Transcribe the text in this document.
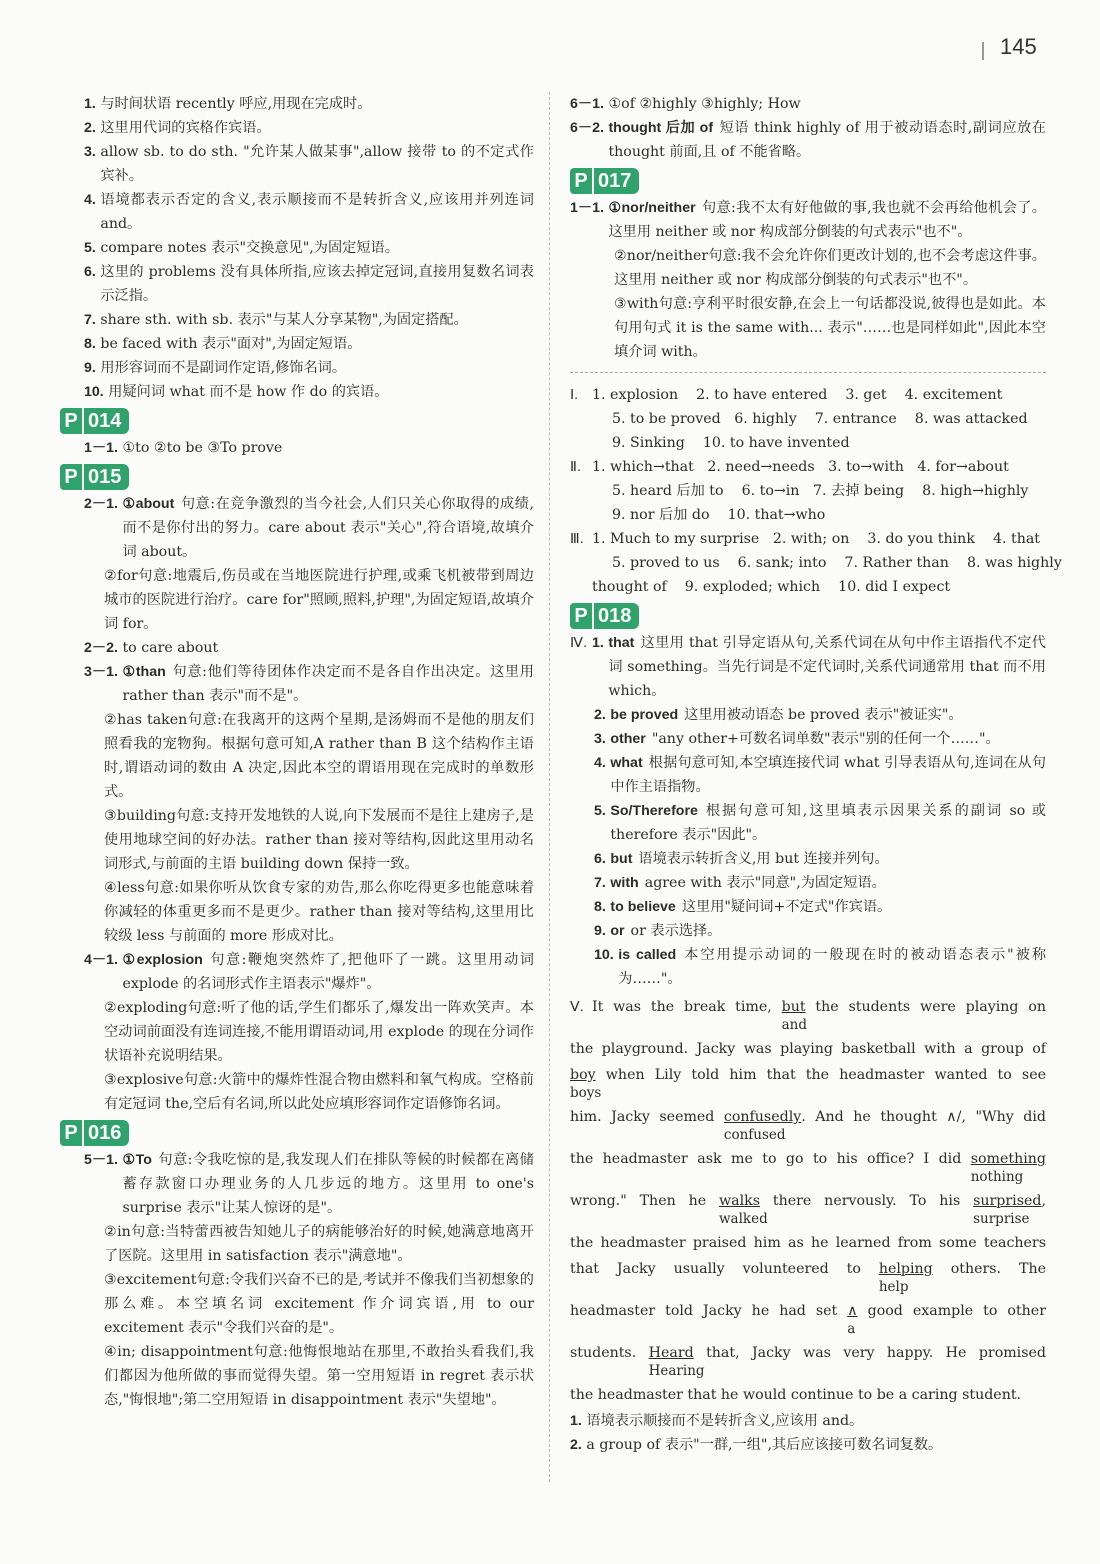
145
1.
与时间状语 recently 呼应,用现在完成时。
2.
这里用代词的宾格作宾语。
3.
allow sb. to do sth. "允许某人做某事",allow 接带 to 的不定式作宾补。
4.
语境都表示否定的含义,表示顺接而不是转折含义,应该用并列连词 and。
5.
compare notes 表示"交换意见",为固定短语。
6.
这里的 problems 没有具体所指,应该去掉定冠词,直接用复数名词表示泛指。
7.
share sth. with sb. 表示"与某人分享某物",为固定搭配。
8.
be faced with 表示"面对",为固定短语。
9.
用形容词而不是副词作定语,修饰名词。
10.
用疑问词 what 而不是 how 作 do 的宾语。
P 014
1－1.
①to ②to be ③To prove
P 015
2－1.
①about 句意:在竞争激烈的当今社会,人们只关心你取得的成绩,而不是你付出的努力。care about 表示"关心",符合语境,故填介词 about。
②for句意:地震后,伤员或在当地医院进行护理,或乘飞机被带到周边城市的医院进行治疗。care for"照顾,照料,护理",为固定短语,故填介词 for。
2－2.
to care about
3－1.
①than 句意:他们等待团体作决定而不是各自作出决定。这里用 rather than 表示"而不是"。
②has taken句意:在我离开的这两个星期,是汤姆而不是他的朋友们照看我的宠物狗。根据句意可知,A rather than B 这个结构作主语时,谓语动词的数由 A 决定,因此本空的谓语用现在完成时的单数形式。
③building句意:支持开发地铁的人说,向下发展而不是往上建房子,是使用地球空间的好办法。rather than 接对等结构,因此这里用动名词形式,与前面的主语 building down 保持一致。
④less句意:如果你听从饮食专家的劝告,那么你吃得更多也能意味着你减轻的体重更多而不是更少。rather than 接对等结构,这里用比较级 less 与前面的 more 形成对比。
4－1.
①explosion 句意:鞭炮突然炸了,把他吓了一跳。这里用动词 explode 的名词形式作主语表示"爆炸"。
②exploding句意:听了他的话,学生们都乐了,爆发出一阵欢笑声。本空动词前面没有连词连接,不能用谓语动词,用 explode 的现在分词作状语补充说明结果。
③explosive句意:火箭中的爆炸性混合物由燃料和氧气构成。空格前有定冠词 the,空后有名词,所以此处应填形容词作定语修饰名词。
P 016
5－1.
①To 句意:令我吃惊的是,我发现人们在排队等候的时候都在离储蓄存款窗口办理业务的人几步远的地方。这里用 to one's surprise 表示"让某人惊讶的是"。
②in句意:当特蕾西被告知她儿子的病能够治好的时候,她满意地离开了医院。这里用 in satisfaction 表示"满意地"。
③excitement句意:令我们兴奋不已的是,考试并不像我们当初想象的那么难。本空填名词 excitement 作介词宾语,用 to our excitement 表示"令我们兴奋的是"。
④in; disappointment句意:他悔恨地站在那里,不敢抬头看我们,我们都因为他所做的事而觉得失望。第一空用短语 in regret 表示状态,"悔恨地";第二空用短语 in disappointment 表示"失望地"。
6－1.
①of ②highly ③highly; How
6－2.
thought 后加 of 短语 think highly of 用于被动语态时,副词应放在 thought 前面,且 of 不能省略。
P 017
1－1.
①nor/neither 句意:我不太有好他做的事,我也就不会再给他机会了。这里用 neither 或 nor 构成部分倒装的句式表示"也不"。
②nor/neither句意:我不会允许你们更改计划的,也不会考虑这件事。这里用 neither 或 nor 构成部分倒装的句式表示"也不"。
③with句意:亨利平时很安静,在会上一句话都没说,彼得也是如此。本句用句式 it is the same with... 表示"……也是同样如此",因此本空填介词 with。
Ⅰ. 1. explosion    2. to have entered    3. get    4. excitement
5. to be proved   6. highly    7. entrance    8. was attacked
9. Sinking    10. to have invented
Ⅱ. 1. which→that   2. need→needs   3. to→with   4. for→about
5. heard 后加 to    6. to→in   7. 去掉 being    8. high→highly
9. nor 后加 do    10. that→who
Ⅲ. 1. Much to my surprise   2. with; on    3. do you think    4. that
5. proved to us    6. sank; into    7. Rather than    8. was highly
thought of    9. exploded; which    10. did I expect
P 018
Ⅳ. 1.
that 这里用 that 引导定语从句,关系代词在从句中作主语指代不定代词 something。当先行词是不定代词时,关系代词通常用 that 而不用 which。
2.
be proved 这里用被动语态 be proved 表示"被证实"。
3.
other "any other+可数名词单数"表示"别的任何一个……"。
4.
what 根据句意可知,本空填连接代词 what 引导表语从句,连词在从句中作主语指物。
5.
So/Therefore 根据句意可知,这里填表示因果关系的副词 so 或 therefore 表示"因此"。
6.
but 语境表示转折含义,用 but 连接并列句。
7.
with agree with 表示"同意",为固定短语。
8.
to believe 这里用"疑问词+不定式"作宾语。
9.
or or 表示选择。
10.
is called 本空用提示动词的一般现在时的被动语态表示"被称为……"。
Ⅴ. It was the break time, but
and
the students were playing on
the playground. Jacky was playing basketball with a group of
boy
boys
when Lily told him that the headmaster wanted to see
him. Jacky seemed confusedly
confused
. And he thought ∧/, "Why did
the headmaster ask me to go to his office? I did something
nothing
wrong." Then he walks
walked
there nervously. To his surprised
surprise
,
the headmaster praised him as he learned from some teachers
that Jacky usually volunteered to helping
help
others. The
headmaster told Jacky he had set ∧
a
good example to other
students. Heard
Hearing
that, Jacky was very happy. He promised
the headmaster that he would continue to be a caring student.
1.
语境表示顺接而不是转折含义,应该用 and。
2.
a group of 表示"一群,一组",其后应该接可数名词复数。
